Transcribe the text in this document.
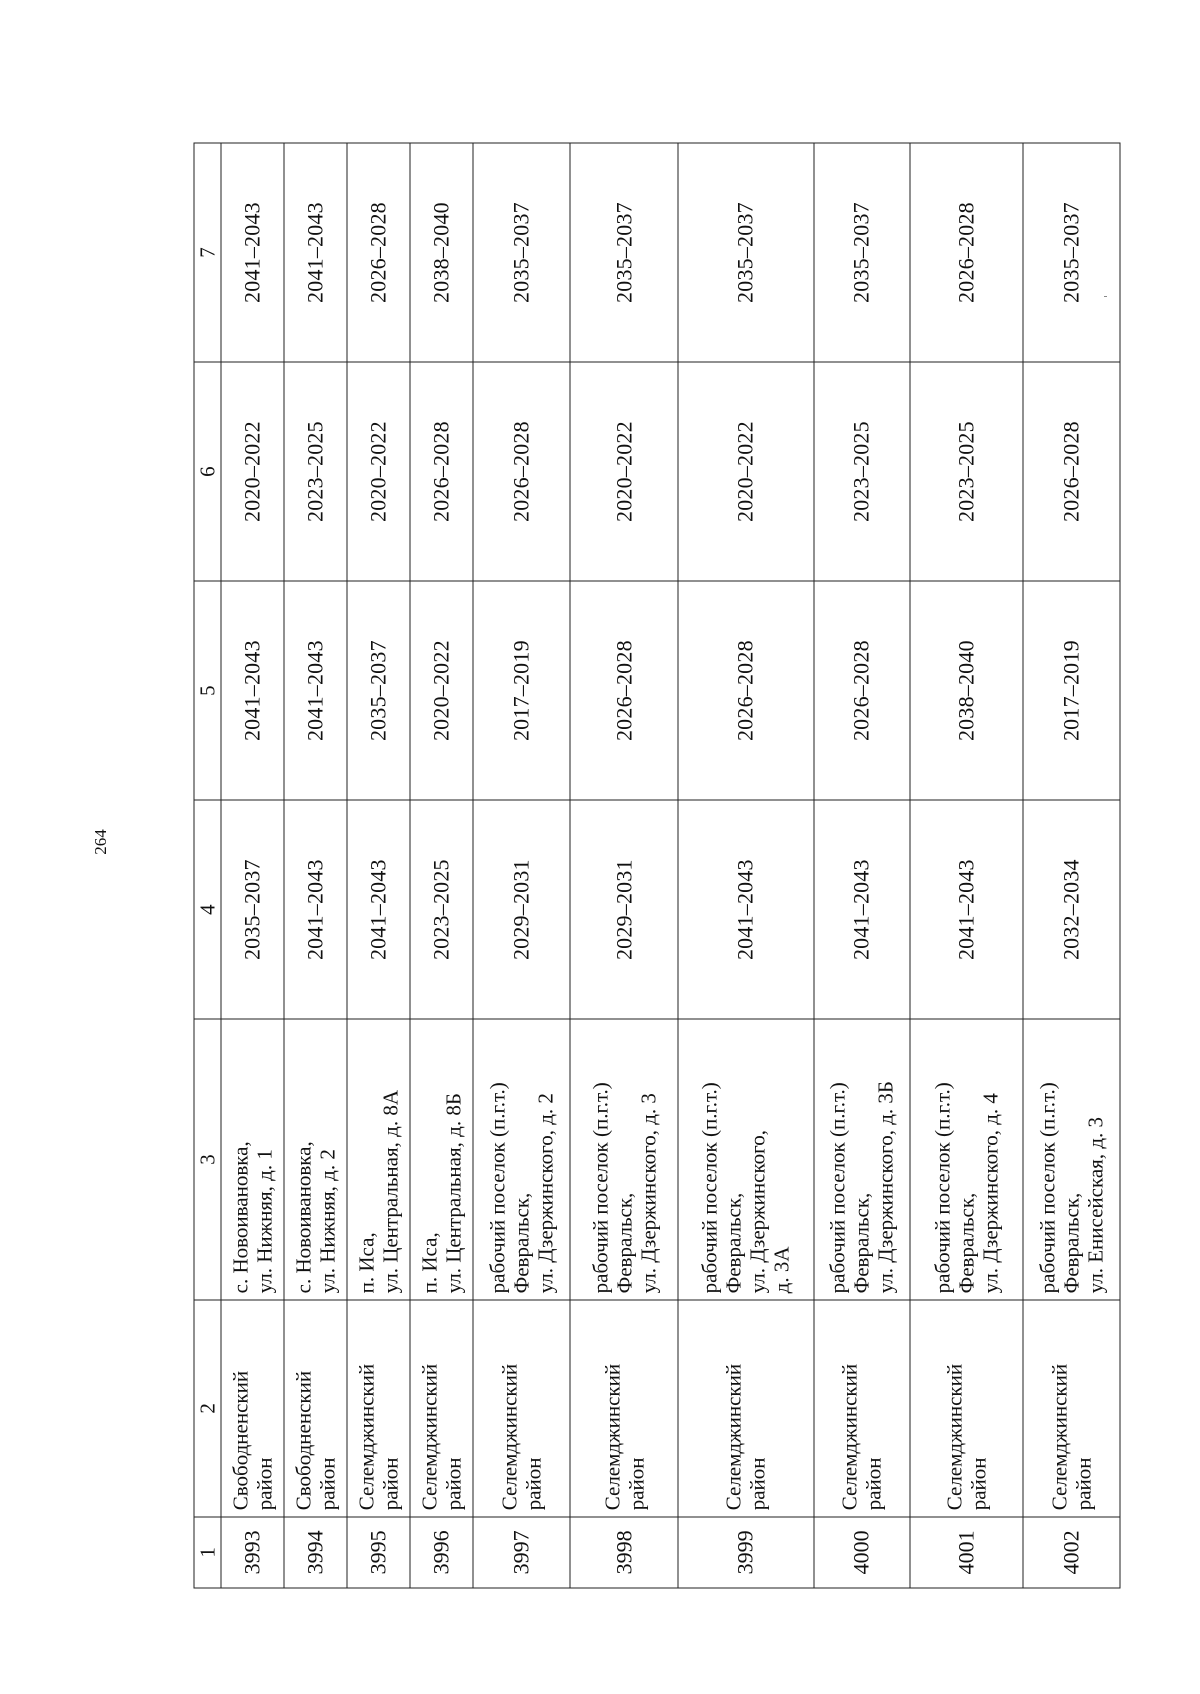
264
1	2	3	4	5	6	7
3993	Свободненский район	с. Новоивановка, ул. Нижняя, д. 1	2035–2037	2041–2043	2020–2022	2041–2043
3994	Свободненский район	с. Новоивановка, ул. Нижняя, д. 2	2041–2043	2041–2043	2023–2025	2041–2043
3995	Селемджинский район	п. Иса, ул. Центральная, д. 8А	2041–2043	2035–2037	2020–2022	2026–2028
3996	Селемджинский район	п. Иса, ул. Центральная, д. 8Б	2023–2025	2020–2022	2026–2028	2038–2040
3997	Селемджинский район	рабочий поселок (п.г.т.) Февральск, ул. Дзержинского, д. 2	2029–2031	2017–2019	2026–2028	2035–2037
3998	Селемджинский район	рабочий поселок (п.г.т.) Февральск, ул. Дзержинского, д. 3	2029–2031	2026–2028	2020–2022	2035–2037
3999	Селемджинский район	рабочий поселок (п.г.т.) Февральск, ул. Дзержинского, д. 3А	2041–2043	2026–2028	2020–2022	2035–2037
4000	Селемджинский район	рабочий поселок (п.г.т.) Февральск, ул. Дзержинского, д. 3Б	2041–2043	2026–2028	2023–2025	2035–2037
4001	Селемджинский район	рабочий поселок (п.г.т.) Февральск, ул. Дзержинского, д. 4	2041–2043	2038–2040	2023–2025	2026–2028
4002	Селемджинский район	рабочий поселок (п.г.т.) Февральск, ул. Енисейская, д. 3	2032–2034	2017–2019	2026–2028	2035–2037
